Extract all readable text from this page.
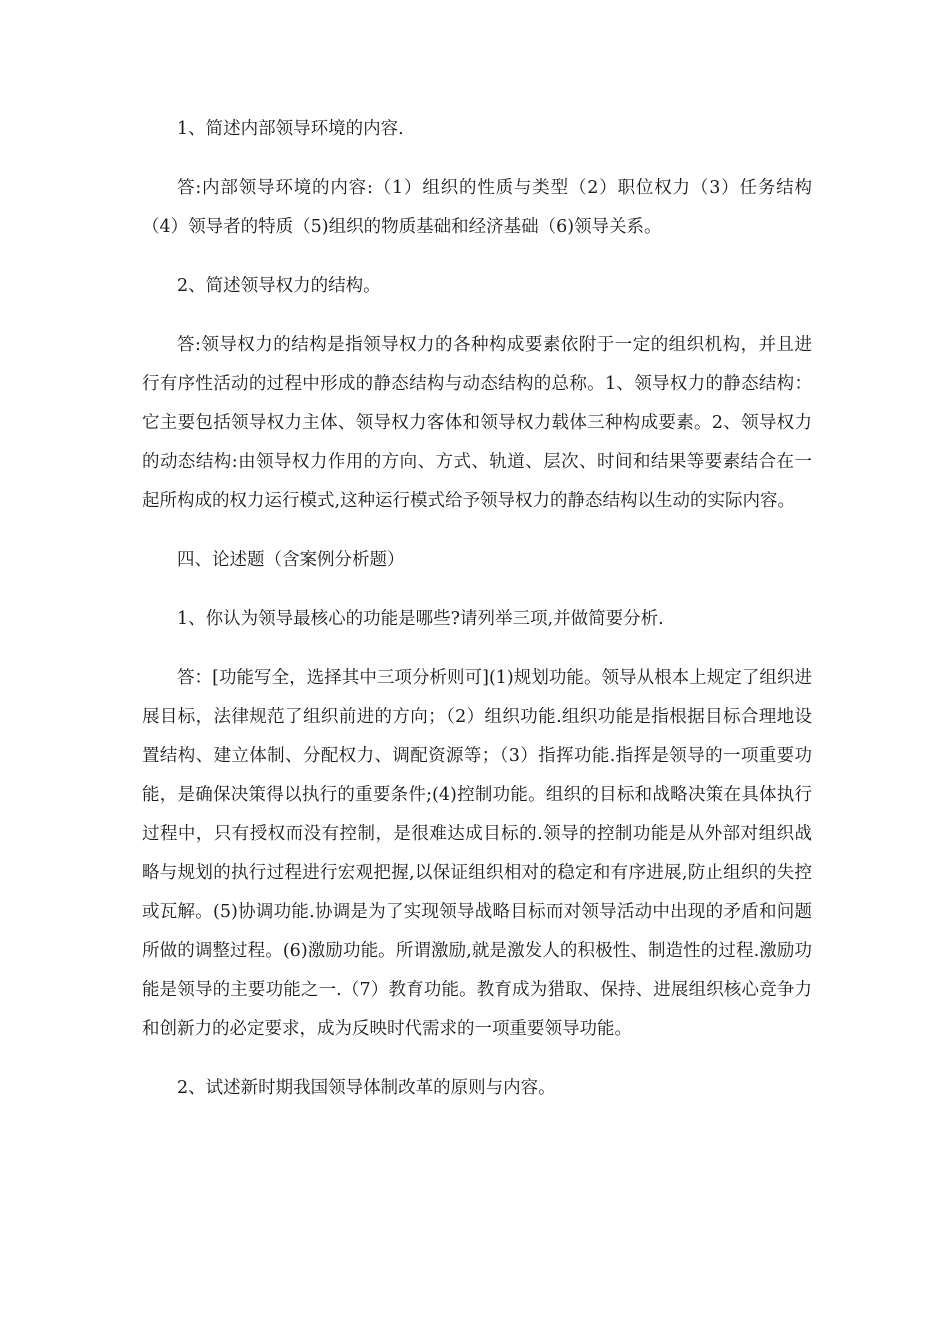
1、简述内部领导环境的内容.

答:内部领导环境的内容:（1）组织的性质与类型（2）职位权力（3）任务结构（4）领导者的特质（5)组织的物质基础和经济基础（6)领导关系。

2、简述领导权力的结构。

答:领导权力的结构是指领导权力的各种构成要素依附于一定的组织机构，并且进行有序性活动的过程中形成的静态结构与动态结构的总称。1、领导权力的静态结构：它主要包括领导权力主体、领导权力客体和领导权力载体三种构成要素。2、领导权力的动态结构:由领导权力作用的方向、方式、轨道、层次、时间和结果等要素结合在一起所构成的权力运行模式,这种运行模式给予领导权力的静态结构以生动的实际内容。

四、论述题（含案例分析题）

1、你认为领导最核心的功能是哪些?请列举三项,并做简要分析.

答：[功能写全，选择其中三项分析则可](1)规划功能。领导从根本上规定了组织进展目标，法律规范了组织前进的方向；（2）组织功能.组织功能是指根据目标合理地设置结构、建立体制、分配权力、调配资源等；（3）指挥功能.指挥是领导的一项重要功能，是确保决策得以执行的重要条件;(4)控制功能。组织的目标和战略决策在具体执行过程中，只有授权而没有控制，是很难达成目标的.领导的控制功能是从外部对组织战略与规划的执行过程进行宏观把握,以保证组织相对的稳定和有序进展,防止组织的失控或瓦解。(5)协调功能.协调是为了实现领导战略目标而对领导活动中出现的矛盾和问题所做的调整过程。(6)激励功能。所谓激励,就是激发人的积极性、制造性的过程.激励功能是领导的主要功能之一.（7）教育功能。教育成为猎取、保持、进展组织核心竞争力和创新力的必定要求，成为反映时代需求的一项重要领导功能。

2、试述新时期我国领导体制改革的原则与内容。
